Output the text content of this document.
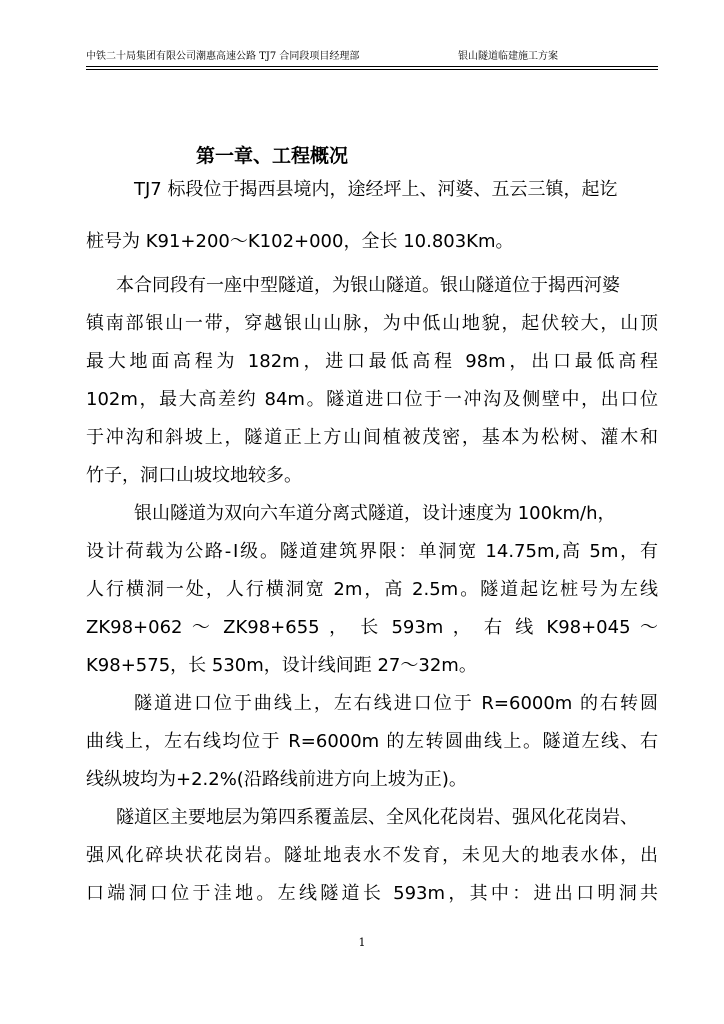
中铁二十局集团有限公司潮惠高速公路 TJ7 合同段项目经理部	银山隧道临建施工方案
第一章、工程概况
TJ7 标段位于揭西县境内，途经坪上、河婆、五云三镇，起讫
桩号为 K91+200～K102+000，全长 10.803Km。
本合同段有一座中型隧道，为银山隧道。银山隧道位于揭西河婆
镇南部银山一带，穿越银山山脉，为中低山地貌，起伏较大，山顶
最大地面高程为 182m，进口最低高程 98m，出口最低高程
102m，最大高差约 84m。隧道进口位于一冲沟及侧壁中，出口位
于冲沟和斜坡上，隧道正上方山间植被茂密，基本为松树、灌木和
竹子，洞口山坡坟地较多。
银山隧道为双向六车道分离式隧道，设计速度为 100km/h，
设计荷载为公路-Ⅰ级。隧道建筑界限：单洞宽 14.75m,高 5m，有
人行横洞一处，人行横洞宽 2m，高 2.5m。隧道起讫桩号为左线
ZK98+062 ～ ZK98+655 ， 长 593m ， 右 线 K98+045 ～
K98+575，长 530m，设计线间距 27～32m。
隧道进口位于曲线上，左右线进口位于 R=6000m 的右转圆
曲线上，左右线均位于 R=6000m 的左转圆曲线上。隧道左线、右
线纵坡均为+2.2%(沿路线前进方向上坡为正)。
隧道区主要地层为第四系覆盖层、全风化花岗岩、强风化花岗岩、
强风化碎块状花岗岩。隧址地表水不发育，未见大的地表水体，出
口端洞口位于洼地。左线隧道长 593m，其中：进出口明洞共
1
